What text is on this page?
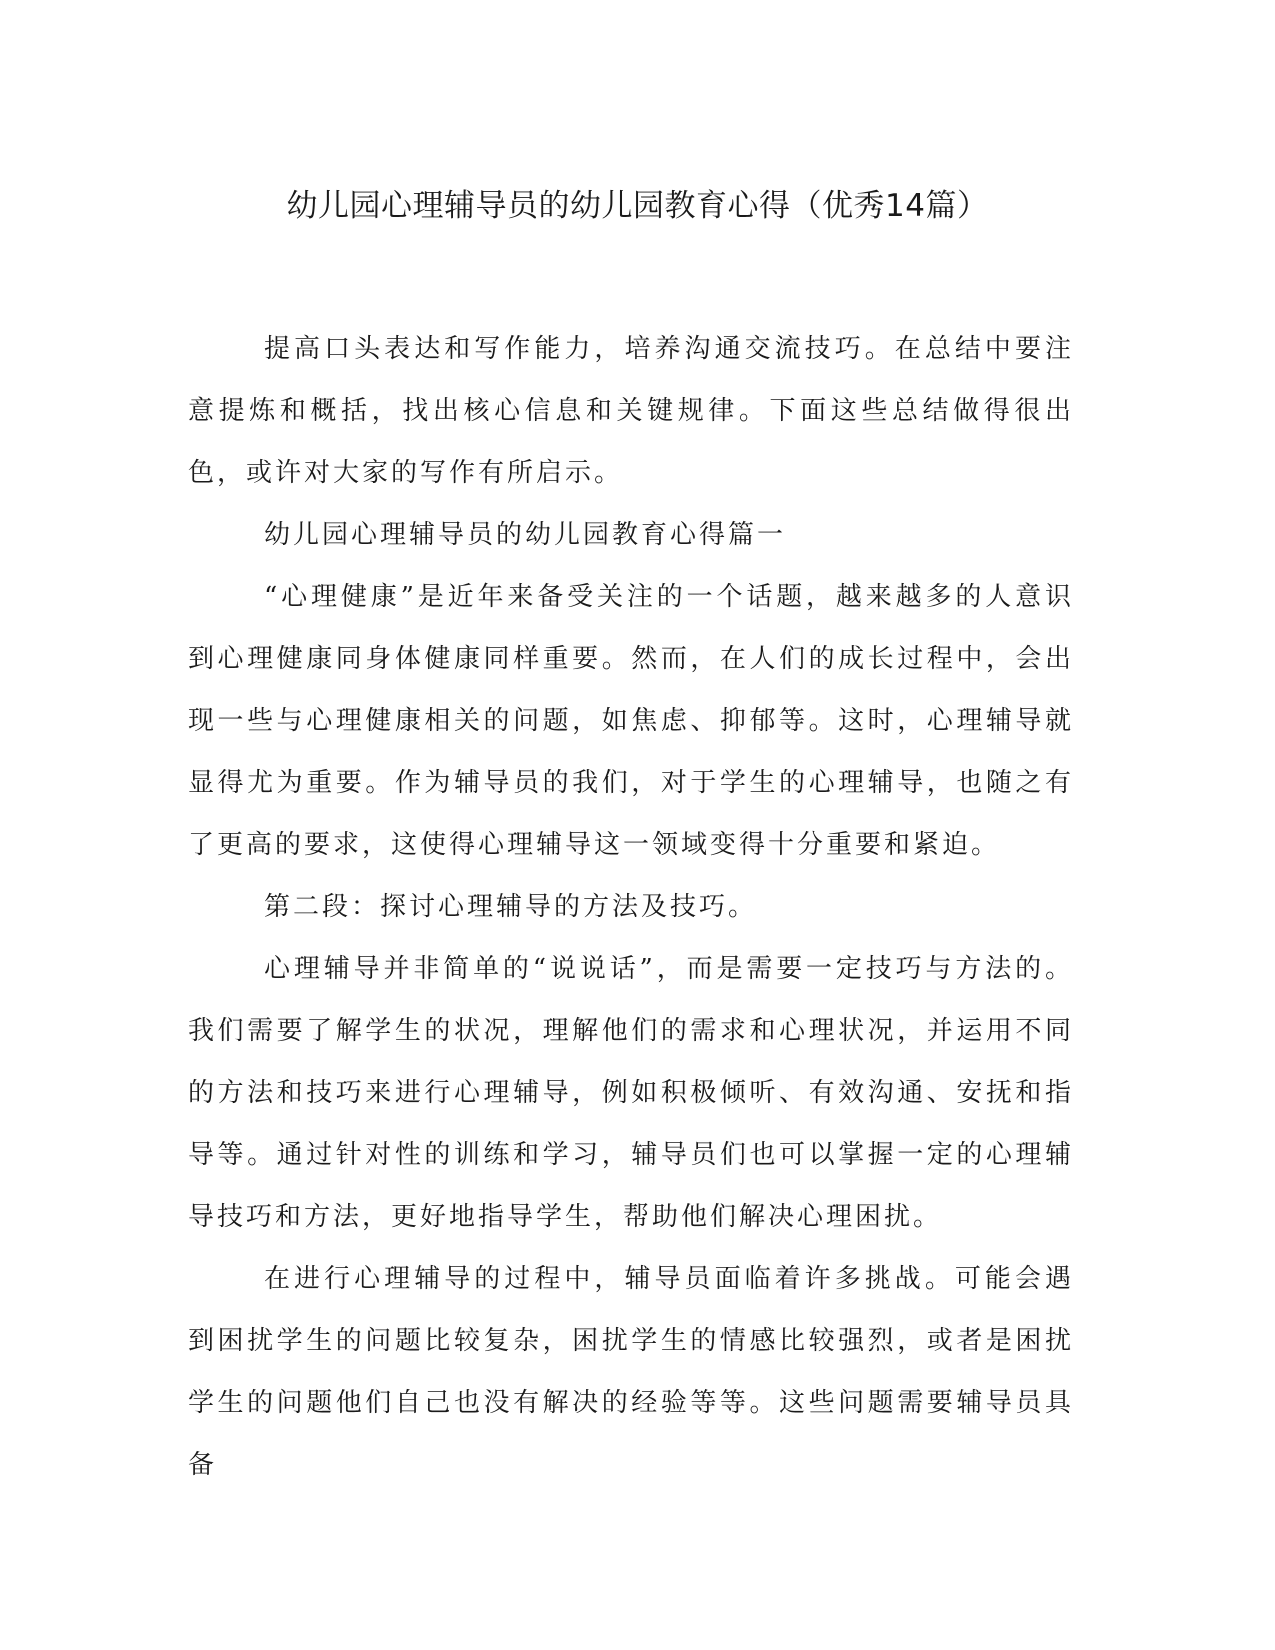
幼儿园心理辅导员的幼儿园教育心得（优秀14篇）

提高口头表达和写作能力，培养沟通交流技巧。在总结中要注意提炼和概括，找出核心信息和关键规律。下面这些总结做得很出色，或许对大家的写作有所启示。

幼儿园心理辅导员的幼儿园教育心得篇一

“心理健康”是近年来备受关注的一个话题，越来越多的人意识到心理健康同身体健康同样重要。然而，在人们的成长过程中，会出现一些与心理健康相关的问题，如焦虑、抑郁等。这时，心理辅导就显得尤为重要。作为辅导员的我们，对于学生的心理辅导，也随之有了更高的要求，这使得心理辅导这一领域变得十分重要和紧迫。

第二段：探讨心理辅导的方法及技巧。

心理辅导并非简单的“说说话”，而是需要一定技巧与方法的。我们需要了解学生的状况，理解他们的需求和心理状况，并运用不同的方法和技巧来进行心理辅导，例如积极倾听、有效沟通、安抚和指导等。通过针对性的训练和学习，辅导员们也可以掌握一定的心理辅导技巧和方法，更好地指导学生，帮助他们解决心理困扰。

在进行心理辅导的过程中，辅导员面临着许多挑战。可能会遇到困扰学生的问题比较复杂，困扰学生的情感比较强烈，或者是困扰学生的问题他们自己也没有解决的经验等等。这些问题需要辅导员具备
